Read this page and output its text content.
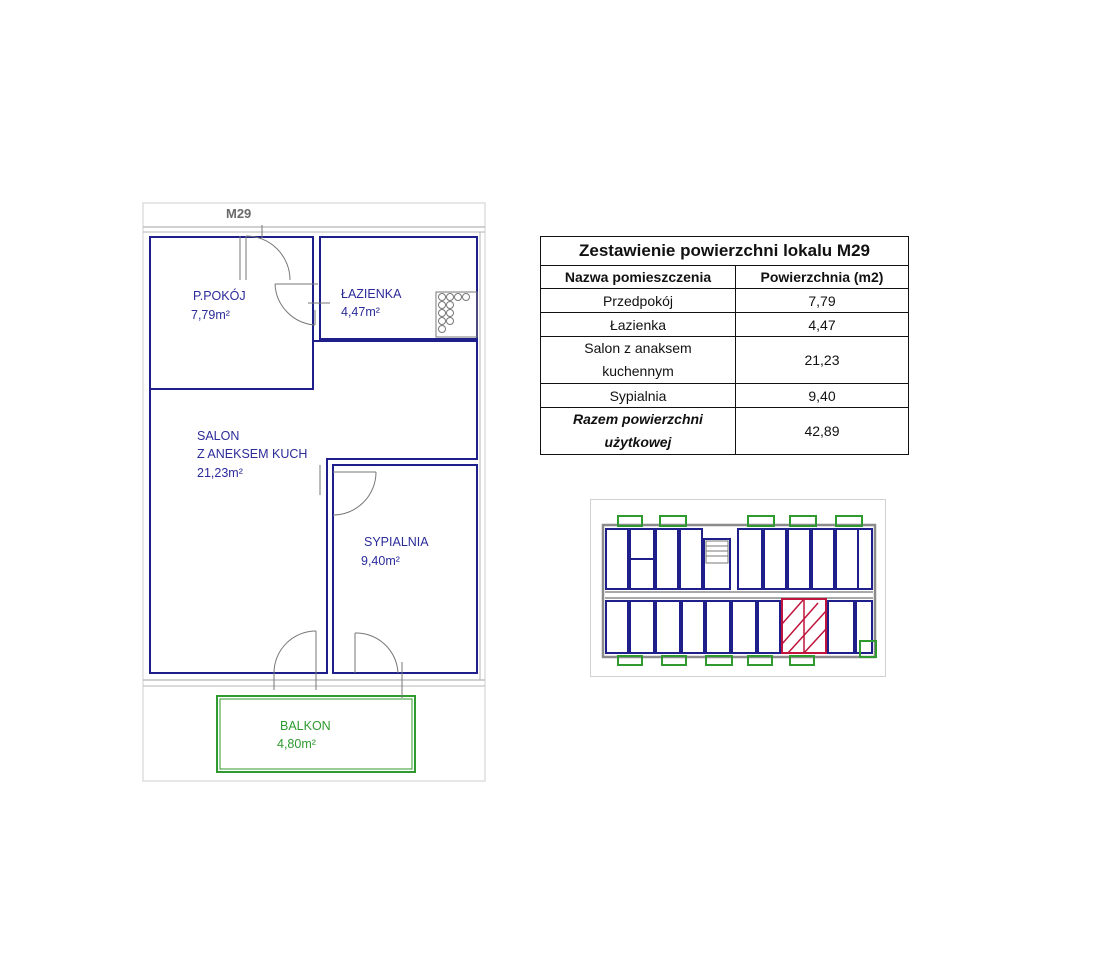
M29
P.POKÓJ
7,79m²
ŁAZIENKA
4,47m²
SALON
Z ANEKSEM KUCH
21,23m²
SYPIALNIA
9,40m²
BALKON
4,80m²
Zestawienie powierzchni lokalu M29	
Nazwa pomieszczenia	Powierzchnia (m2)
Przedpokój	7,79
Łazienka	4,47
Salon z anaksem
kuchennym	21,23
Sypialnia	9,40
Razem powierzchni
użytkowej	42,89
